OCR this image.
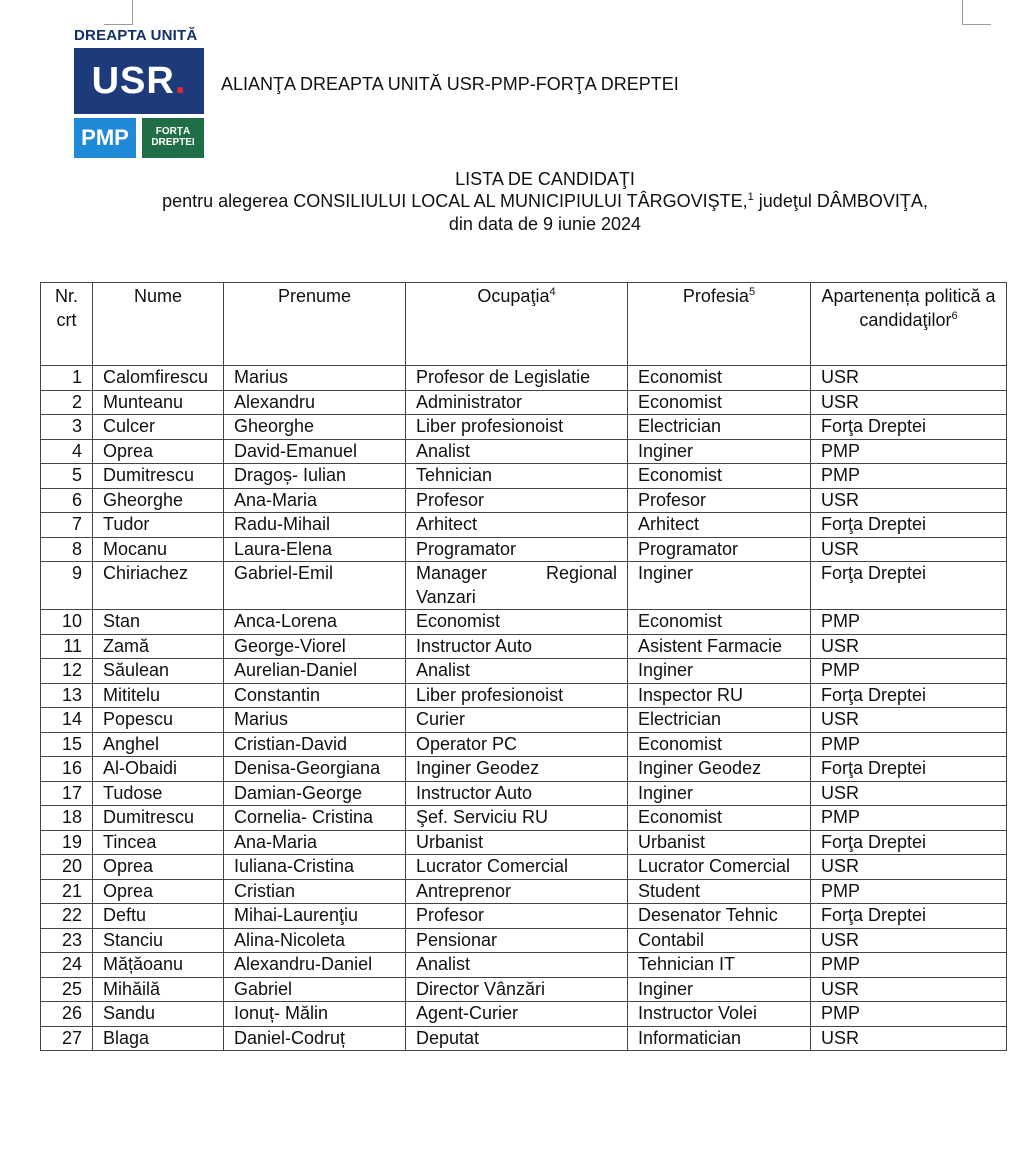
DREAPTA UNITĂ
USR.
PMP	FORȚA
DREPTEI
ALIANŢA DREAPTA UNITĂ USR-PMP-FORŢA DREPTEI
LISTA DE CANDIDAŢI
pentru alegerea CONSILIULUI LOCAL AL MUNICIPIULUI TÂRGOVIŞTE,$^1$ judeţul DÂMBOVIŢA,
din data de 9 iunie 2024
Nr. crt	Nume	Prenume	Ocupaţia$^4$	Profesia$^5$	Apartenența politică a candidaţilor$^6$
1	Calomfirescu	Marius	Profesor de Legislatie	Economist	USR
2	Munteanu	Alexandru	Administrator	Economist	USR
3	Culcer	Gheorghe	Liber profesionoist	Electrician	Forţa Dreptei
4	Oprea	David-Emanuel	Analist	Inginer	PMP
5	Dumitrescu	Dragoș- Iulian	Tehnician	Economist	PMP
6	Gheorghe	Ana-Maria	Profesor	Profesor	USR
7	Tudor	Radu-Mihail	Arhitect	Arhitect	Forţa Dreptei
8	Mocanu	Laura-Elena	Programator	Programator	USR
9	Chiriachez	Gabriel-Emil	Manager Regional Vanzari	Inginer	Forţa Dreptei
10	Stan	Anca-Lorena	Economist	Economist	PMP
11	Zamă	George-Viorel	Instructor Auto	Asistent Farmacie	USR
12	Săulean	Aurelian-Daniel	Analist	Inginer	PMP
13	Mititelu	Constantin	Liber profesionoist	Inspector RU	Forţa Dreptei
14	Popescu	Marius	Curier	Electrician	USR
15	Anghel	Cristian-David	Operator PC	Economist	PMP
16	Al-Obaidi	Denisa-Georgiana	Inginer Geodez	Inginer Geodez	Forţa Dreptei
17	Tudose	Damian-George	Instructor Auto	Inginer	USR
18	Dumitrescu	Cornelia- Cristina	Şef. Serviciu RU	Economist	PMP
19	Tincea	Ana-Maria	Urbanist	Urbanist	Forţa Dreptei
20	Oprea	Iuliana-Cristina	Lucrator Comercial	Lucrator Comercial	USR
21	Oprea	Cristian	Antreprenor	Student	PMP
22	Deftu	Mihai-Laurenţiu	Profesor	Desenator Tehnic	Forţa Dreptei
23	Stanciu	Alina-Nicoleta	Pensionar	Contabil	USR
24	Mățăoanu	Alexandru-Daniel	Analist	Tehnician IT	PMP
25	Mihăilă	Gabriel	Director Vânzări	Inginer	USR
26	Sandu	Ionuț- Mălin	Agent-Curier	Instructor Volei	PMP
27	Blaga	Daniel-Codruț	Deputat	Informatician	USR
